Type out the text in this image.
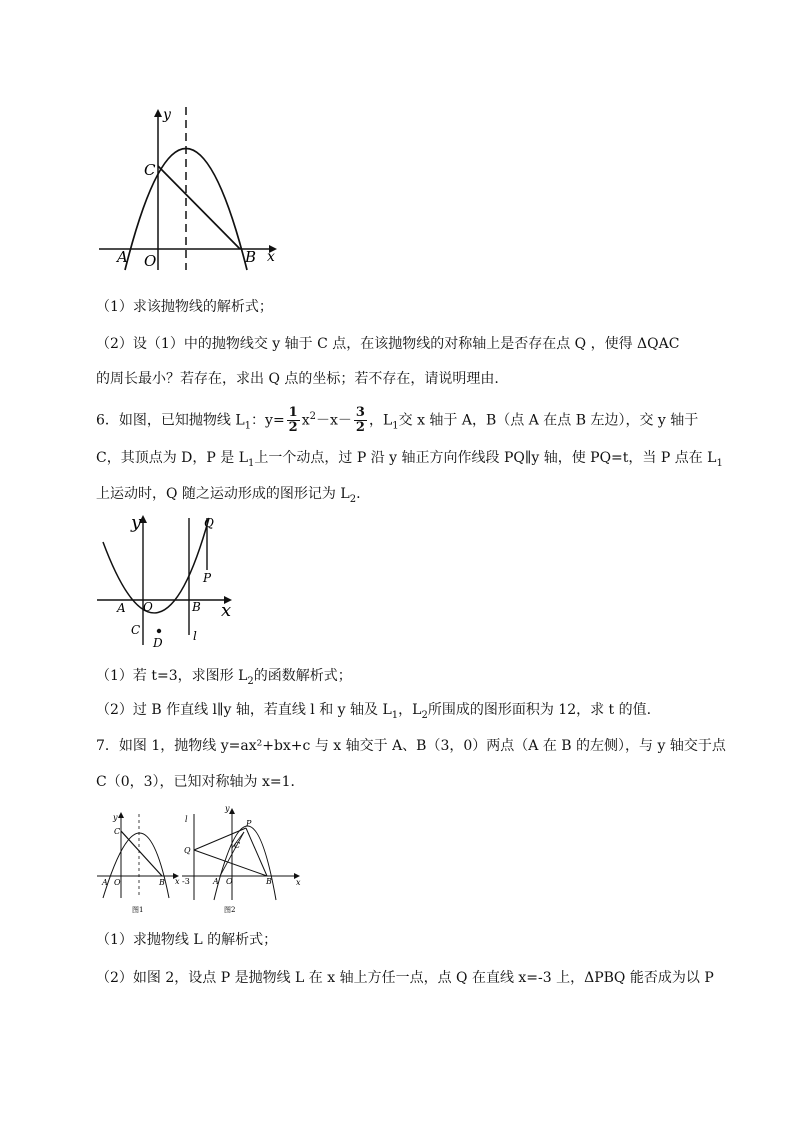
y
x
C
A O	B
（1）求该抛物线的解析式；
（2）设（1）中的抛物线交 y 轴于 C 点，在该抛物线的对称轴上是否存在点 Q ，使得 ΔQAC
的周长最小？若存在，求出 Q 点的坐标；若不存在，请说明理由.
6．如图，已知抛物线 $L_1$：$y= \frac{1}{2} x^2-x- \frac{3}{2}$ ，$L_1$交 x 轴于 A，B（点 A 在点 B 左边），交 y 轴于
C，其顶点为 D，P 是 $L_1$上一个动点，过 P 沿 y 轴正方向作线段 PQ∥y 轴，使 PQ=t，当 P 点在 $L_1$
上运动时，Q 随之运动形成的图形记为 $L_2$.
y
x
A O	B
C
D
P
Q
l
（1）若 t=3，求图形 $L_2$的函数解析式；
（2）过 B 作直线 l∥y 轴，若直线 l 和 y 轴及 $L_1$，$L_2$所围成的图形面积为 12，求 t 的值.
7．如图 1，抛物线 y=ax²+bx+c 与 x 轴交于 A、B（3，0）两点（A 在 B 的左侧），与 y 轴交于点
C（0，3），已知对称轴为 x=1．
y
x
C
A O	B
图1
y
x
l
Q
P
C
-3	A O	B
图2
（1）求抛物线 L 的解析式；
（2）如图 2，设点 P 是抛物线 L 在 x 轴上方任一点，点 Q 在直线 x=-3 上，ΔPBQ 能否成为以 P
